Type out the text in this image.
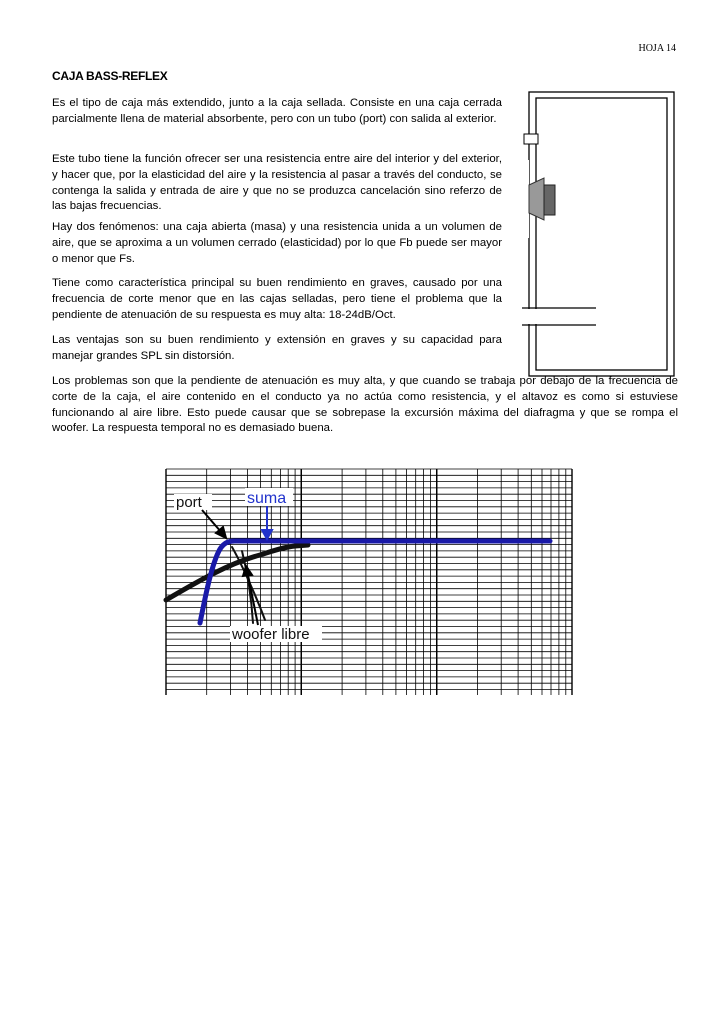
HOJA 14
CAJA BASS-REFLEX

Es el tipo de caja más extendido, junto a la caja sellada. Consiste en una caja cerrada parcialmente llena de material absorbente, pero con un tubo (port) con salida al exterior.

Este tubo tiene la función ofrecer ser una resistencia entre aire del interior y del exterior, y hacer que, por la elasticidad del aire y la resistencia al pasar a través del conducto, se contenga la salida y entrada de aire y que no se produzca cancelación sino referzo de las bajas frecuencias.

Hay dos fenómenos: una caja abierta (masa) y una resistencia unida a un volumen de aire, que se aproxima a un volumen cerrado (elasticidad) por lo que Fb puede ser mayor o menor que Fs.

Tiene como característica principal su buen rendimiento en graves, causado por una frecuencia de corte menor que en las cajas selladas, pero tiene el problema que la pendiente de atenuación de su respuesta es muy alta: 18-24dB/Oct.

Las ventajas son su buen rendimiento y extensión en graves y su capacidad para manejar grandes SPL sin distorsión.

Los problemas son que la pendiente de atenuación es muy alta, y que cuando se trabaja por debajo de la frecuencia de corte de la caja, el aire contenido en el conducto ya no actúa como resistencia, y el altavoz es como si estuviese funcionando al aire libre. Esto puede causar que se sobrepase la excursión máxima del diafragma y que se rompa el woofer. La respuesta temporal no es demasiado buena.

port	suma
woofer libre
